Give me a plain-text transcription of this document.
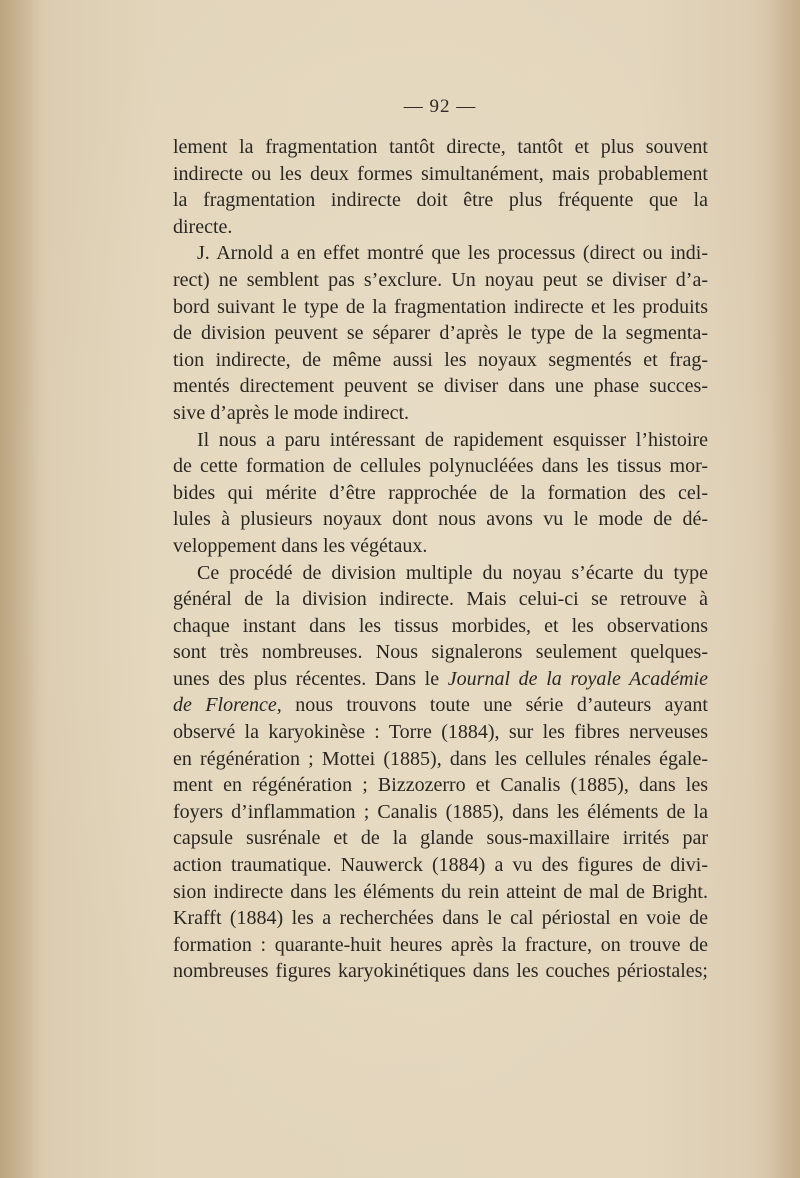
— 92 —

lement la fragmentation tantôt directe, tantôt et plus souvent
indirecte ou les deux formes simultanément, mais probablement
la fragmentation indirecte doit être plus fréquente que la
directe.
J. Arnold a en effet montré que les processus (direct ou indi-
rect) ne semblent pas s’exclure. Un noyau peut se diviser d’a-
bord suivant le type de la fragmentation indirecte et les produits
de division peuvent se séparer d’après le type de la segmenta-
tion indirecte, de même aussi les noyaux segmentés et frag-
mentés directement peuvent se diviser dans une phase succes-
sive d’après le mode indirect.
Il nous a paru intéressant de rapidement esquisser l’histoire
de cette formation de cellules polynucléées dans les tissus mor-
bides qui mérite d’être rapprochée de la formation des cel-
lules à plusieurs noyaux dont nous avons vu le mode de dé-
veloppement dans les végétaux.
Ce procédé de division multiple du noyau s’écarte du type
général de la division indirecte. Mais celui-ci se retrouve à
chaque instant dans les tissus morbides, et les observations
sont très nombreuses. Nous signalerons seulement quelques-
unes des plus récentes. Dans le Journal de la royale Académie
de Florence, nous trouvons toute une série d’auteurs ayant
observé la karyokinèse : Torre (1884), sur les fibres nerveuses
en régénération ; Mottei (1885), dans les cellules rénales égale-
ment en régénération ; Bizzozerro et Canalis (1885), dans les
foyers d’inflammation ; Canalis (1885), dans les éléments de la
capsule susrénale et de la glande sous-maxillaire irrités par
action traumatique. Nauwerck (1884) a vu des figures de divi-
sion indirecte dans les éléments du rein atteint de mal de Bright.
Krafft (1884) les a recherchées dans le cal périostal en voie de
formation : quarante-huit heures après la fracture, on trouve de
nombreuses figures karyokinétiques dans les couches périostales;
